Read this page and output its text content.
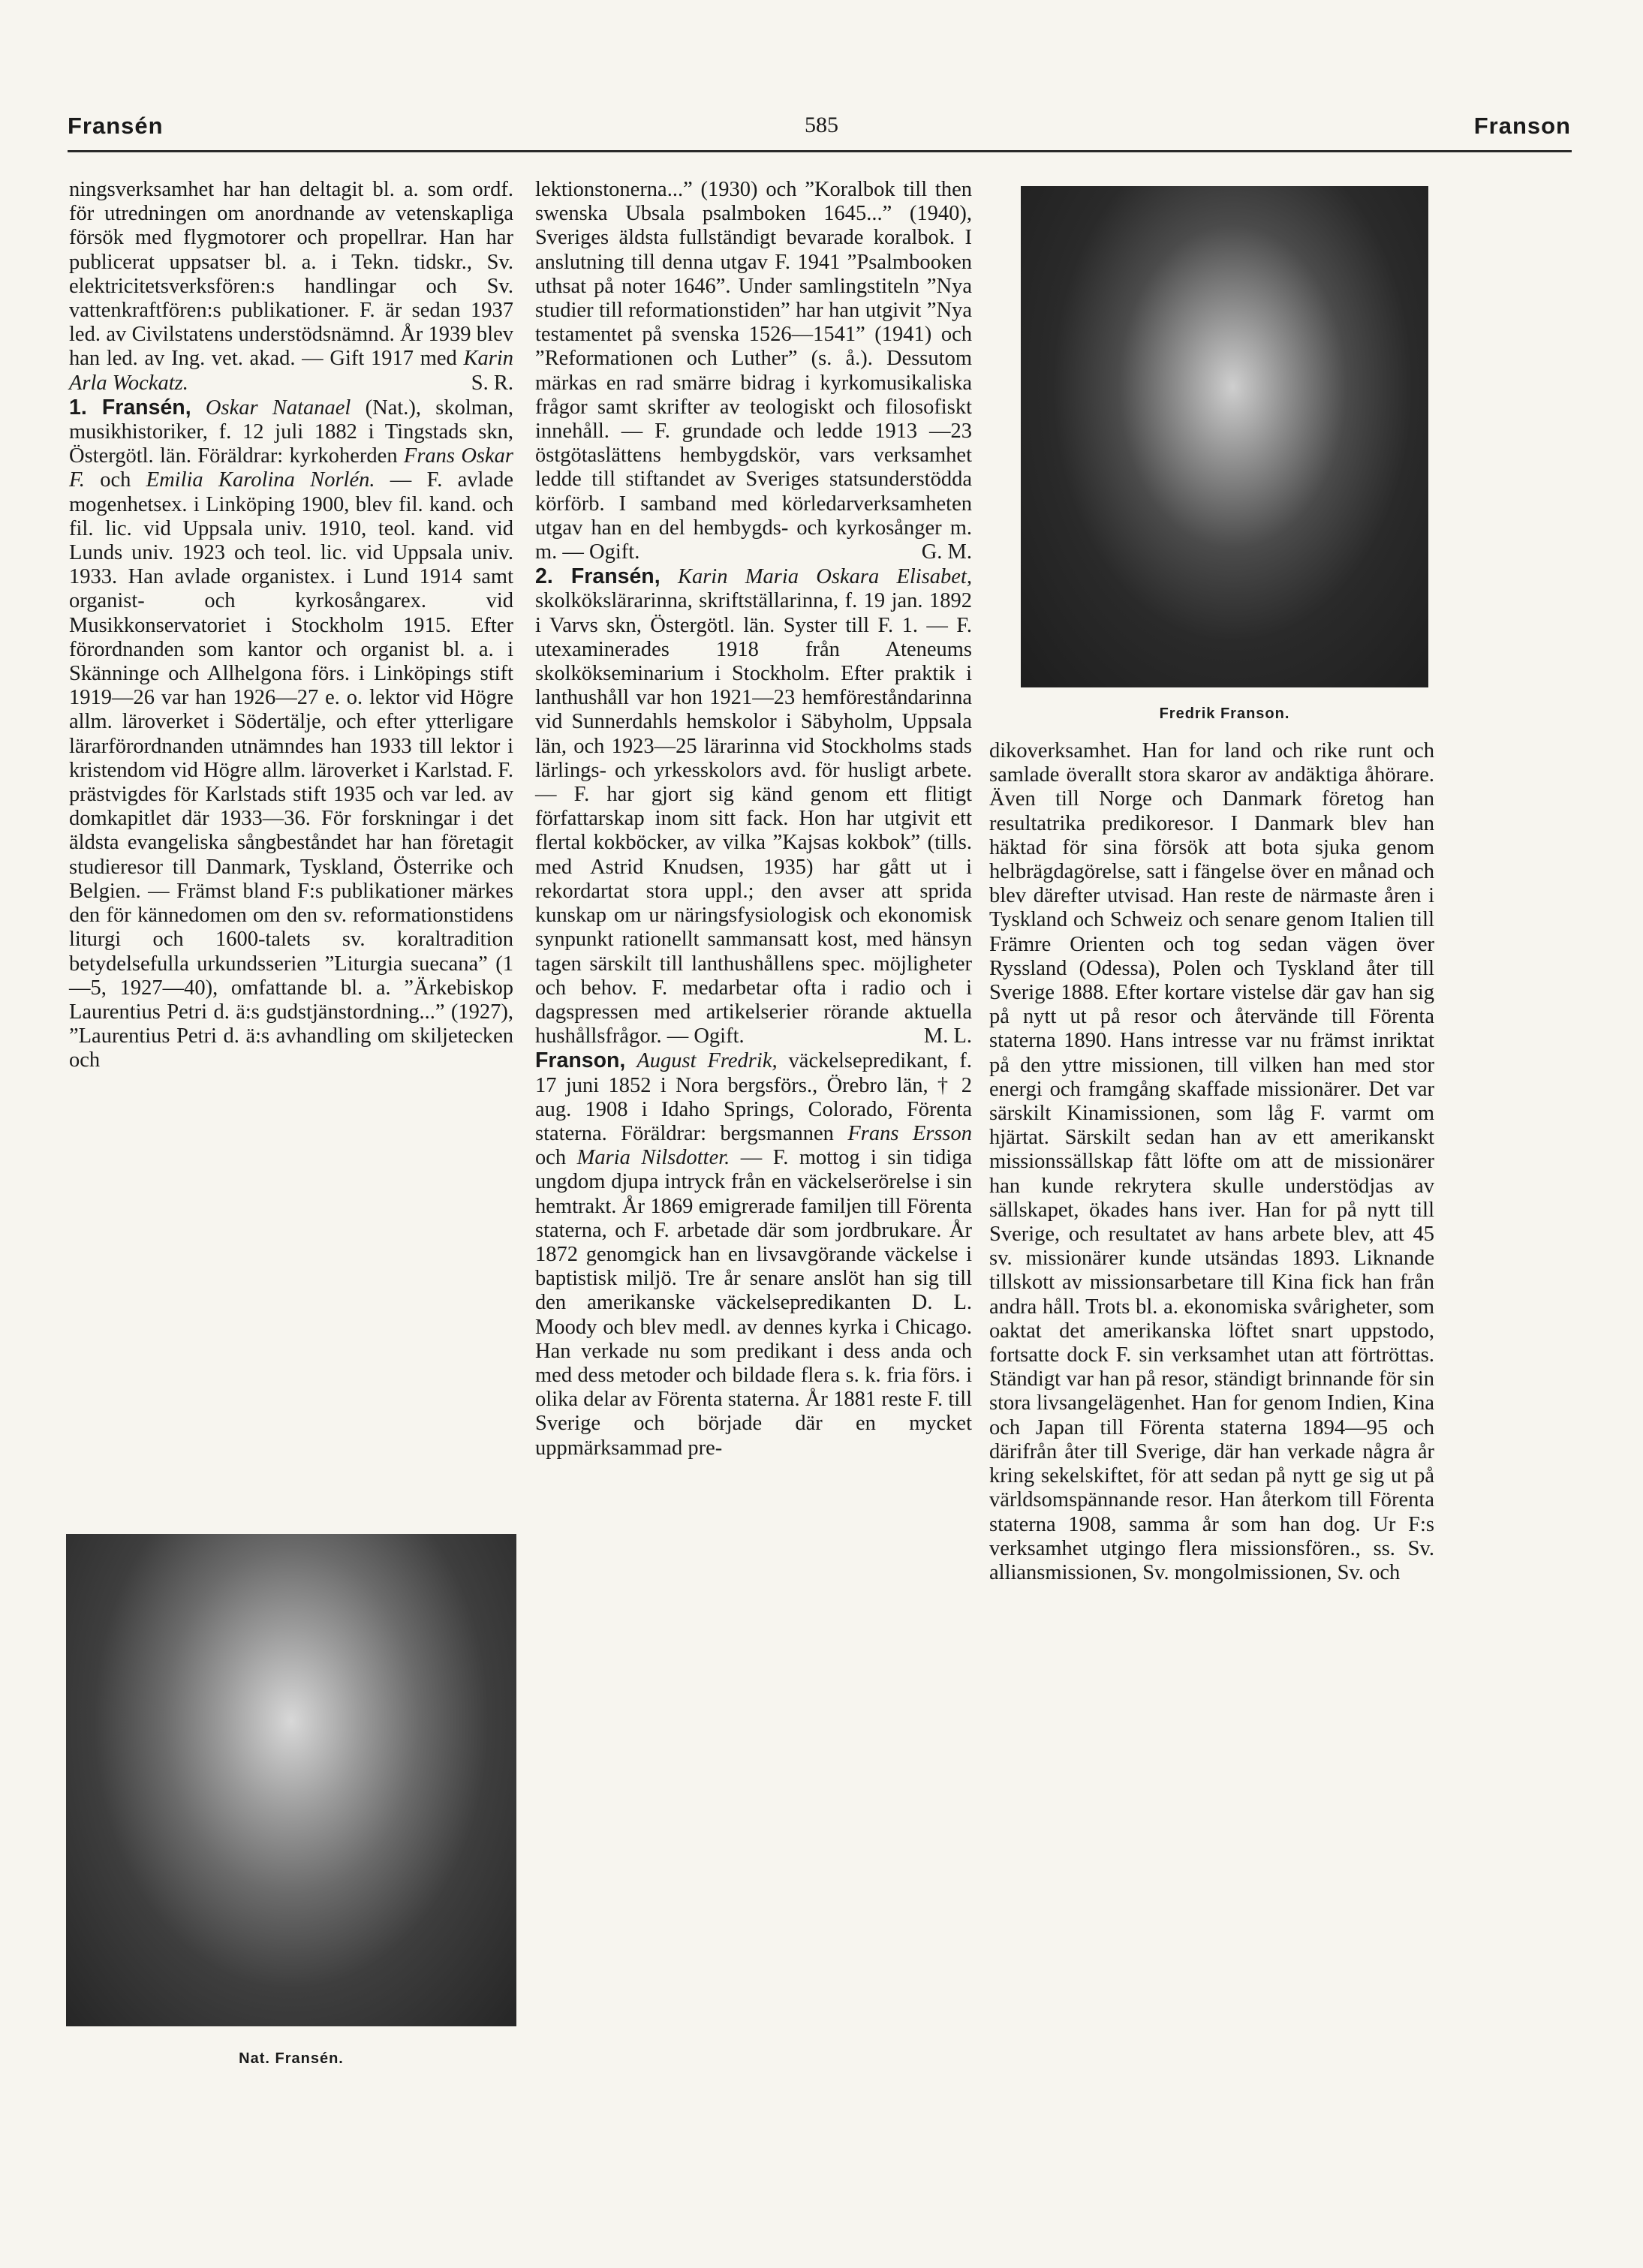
Fransén	585	Franson

ningsverksamhet har han deltagit bl. a. som ordf. för utredningen om anordnande av vetenskapliga försök med flygmotorer och propellrar. Han har publicerat uppsatser bl. a. i Tekn. tidskr., Sv. elektricitetsverksfören:s handlingar och Sv. vattenkraftfören:s publikationer. F. är sedan 1937 led. av Civilstatens understödsnämnd. År 1939 blev han led. av Ing. vet. akad. — Gift 1917 med Karin Arla Wockatz.	S. R.

1. Fransén, Oskar Natanael (Nat.), skolman, musikhistoriker, f. 12 juli 1882 i Tingstads skn, Östergötl. län. Föräldrar: kyrkoherden Frans Oskar F. och Emilia Karolina Norlén. — F. avlade mogenhetsex. i Linköping 1900, blev fil. kand. och fil. lic. vid Uppsala univ. 1910, teol. kand. vid Lunds univ. 1923 och teol. lic. vid Uppsala univ. 1933. Han avlade organistex. i Lund 1914 samt organist- och kyrkosångarex. vid Musikkonservatoriet i Stockholm 1915. Efter förordnanden som kantor och organist bl. a. i Skänninge och Allhelgona förs. i Linköpings stift 1919—26 var han 1926—27 e. o. lektor vid Högre allm. läroverket i Södertälje, och efter ytterligare lärarförordnanden utnämndes han 1933 till lektor i kristendom vid Högre allm. läroverket i Karlstad. F. prästvigdes för Karlstads stift 1935 och var led. av domkapitlet där 1933—36. För forskningar i det äldsta evangeliska sångbeståndet har han företagit studieresor till Danmark, Tyskland, Österrike och Belgien. — Främst bland F:s publikationer märkes den för kännedomen om den sv. reformationstidens liturgi och 1600-talets sv. koraltradition betydelsefulla urkundsserien ”Liturgia suecana” (1—5, 1927—40), omfattande bl. a. ”Ärkebiskop Laurentius Petri d. ä:s gudstjänstordning...” (1927), ”Laurentius Petri d. ä:s avhandling om skiljetecken och

Nat. Fransén.

lektionstonerna...” (1930) och ”Koralbok till then swenska Ubsala psalmboken 1645...” (1940), Sveriges äldsta fullständigt bevarade koralbok. I anslutning till denna utgav F. 1941 ”Psalmbooken uthsat på noter 1646”. Under samlingstiteln ”Nya studier till reformationstiden” har han utgivit ”Nya testamentet på svenska 1526—1541” (1941) och ”Reformationen och Luther” (s. å.). Dessutom märkas en rad smärre bidrag i kyrkomusikaliska frågor samt skrifter av teologiskt och filosofiskt innehåll. — F. grundade och ledde 1913 —23 östgötaslättens hembygdskör, vars verksamhet ledde till stiftandet av Sveriges statsunderstödda körförb. I samband med körledarverksamheten utgav han en del hembygds- och kyrkosånger m. m. — Ogift.	G. M.

2. Fransén, Karin Maria Oskara Elisabet, skolkökslärarinna, skriftställarinna, f. 19 jan. 1892 i Varvs skn, Östergötl. län. Syster till F. 1. — F. utexaminerades 1918 från Ateneums skolkökseminarium i Stockholm. Efter praktik i lanthushåll var hon 1921—23 hemföreståndarinna vid Sunnerdahls hemskolor i Säbyholm, Uppsala län, och 1923—25 lärarinna vid Stockholms stads lärlings- och yrkesskolors avd. för husligt arbete. — F. har gjort sig känd genom ett flitigt författarskap inom sitt fack. Hon har utgivit ett flertal kokböcker, av vilka ”Kajsas kokbok” (tills. med Astrid Knudsen, 1935) har gått ut i rekordartat stora uppl.; den avser att sprida kunskap om ur näringsfysiologisk och ekonomisk synpunkt rationellt sammansatt kost, med hänsyn tagen särskilt till lanthushållens spec. möjligheter och behov. F. medarbetar ofta i radio och i dagspressen med artikelserier rörande aktuella hushållsfrågor. — Ogift.	M. L.

Franson, August Fredrik, väckelsepredikant, f. 17 juni 1852 i Nora bergsförs., Örebro län, † 2 aug. 1908 i Idaho Springs, Colorado, Förenta staterna. Föräldrar: bergsmannen Frans Ersson och Maria Nilsdotter. — F. mottog i sin tidiga ungdom djupa intryck från en väckelserörelse i sin hemtrakt. År 1869 emigrerade familjen till Förenta staterna, och F. arbetade där som jordbrukare. År 1872 genomgick han en livsavgörande väckelse i baptistisk miljö. Tre år senare anslöt han sig till den amerikanske väckelsepredikanten D. L. Moody och blev medl. av dennes kyrka i Chicago. Han verkade nu som predikant i dess anda och med dess metoder och bildade flera s. k. fria förs. i olika delar av Förenta staterna. År 1881 reste F. till Sverige och började där en mycket uppmärksammad pre-

Fredrik Franson.

dikoverksamhet. Han for land och rike runt och samlade överallt stora skaror av andäktiga åhörare. Även till Norge och Danmark företog han resultatrika predikoresor. I Danmark blev han häktad för sina försök att bota sjuka genom helbrägdagörelse, satt i fängelse över en månad och blev därefter utvisad. Han reste de närmaste åren i Tyskland och Schweiz och senare genom Italien till Främre Orienten och tog sedan vägen över Ryssland (Odessa), Polen och Tyskland åter till Sverige 1888. Efter kortare vistelse där gav han sig på nytt ut på resor och återvände till Förenta staterna 1890. Hans intresse var nu främst inriktat på den yttre missionen, till vilken han med stor energi och framgång skaffade missionärer. Det var särskilt Kinamissionen, som låg F. varmt om hjärtat. Särskilt sedan han av ett amerikanskt missionssällskap fått löfte om att de missionärer han kunde rekrytera skulle understödjas av sällskapet, ökades hans iver. Han for på nytt till Sverige, och resultatet av hans arbete blev, att 45 sv. missionärer kunde utsändas 1893. Liknande tillskott av missionsarbetare till Kina fick han från andra håll. Trots bl. a. ekonomiska svårigheter, som oaktat det amerikanska löftet snart uppstodo, fortsatte dock F. sin verksamhet utan att förtröttas. Ständigt var han på resor, ständigt brinnande för sin stora livsangelägenhet. Han for genom Indien, Kina och Japan till Förenta staterna 1894—95 och därifrån åter till Sverige, där han verkade några år kring sekelskiftet, för att sedan på nytt ge sig ut på världsomspännande resor. Han återkom till Förenta staterna 1908, samma år som han dog. Ur F:s verksamhet utgingo flera missionsfören., ss. Sv. alliansmissionen, Sv. mongolmissionen, Sv. och
